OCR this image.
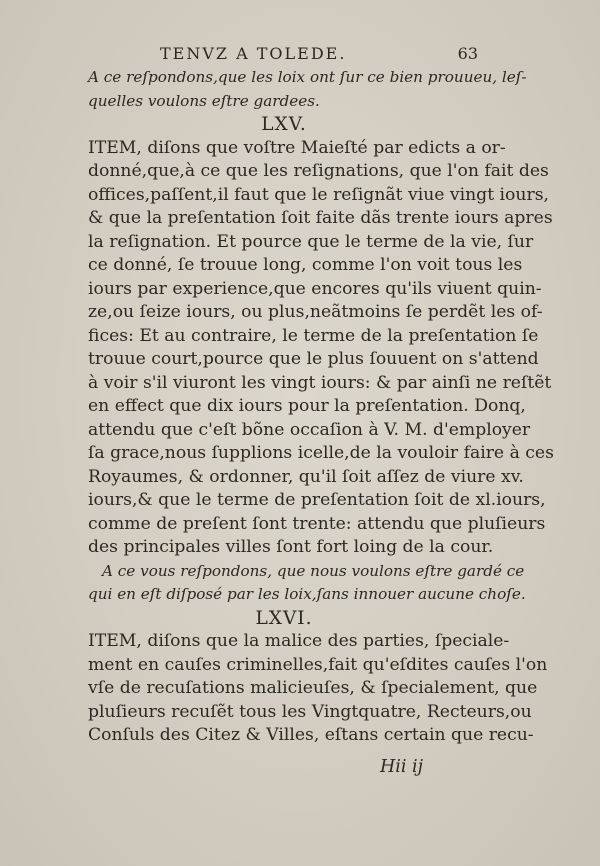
TENVZ A TOLEDE.	63
A ce reſpondons,que les loix ont ſur ce bien prouueu, leſ-
quelles voulons eſtre gardees.
LXV.
ITEM, diſons que voſtre Maieſté par edicts a or-
donné,que,à ce que les reſignations, que l'on fait des
offices,paſſent,il faut que le reſignãt viue vingt iours,
& que la preſentation ſoit faite dãs trente iours apres
la reſignation. Et pource que le terme de la vie, ſur
ce donné, ſe trouue long, comme l'on voit tous les
iours par experience,que encores qu'ils viuent quin-
ze,ou ſeize iours, ou plus,neãtmoins ſe perdẽt les of-
fices: Et au contraire, le terme de la preſentation ſe
trouue court,pource que le plus ſouuent on s'attend
à voir s'il viuront les vingt iours: & par ainſi ne reſtẽt
en effect que dix iours pour la preſentation. Donq,
attendu que c'eſt bõne occaſion à V. M. d'employer
ſa grace,nous ſupplions icelle,de la vouloir faire à ces
Royaumes, & ordonner, qu'il ſoit aſſez de viure xv.
iours,& que le terme de preſentation ſoit de xl.iours,
comme de preſent ſont trente: attendu que pluſieurs
des principales villes ſont fort loing de la cour.
A ce vous reſpondons, que nous voulons eſtre gardé ce
qui en eſt diſposé par les loix,ſans innouer aucune choſe.
LXVI.
ITEM, diſons que la malice des parties, ſpeciale-
ment en cauſes criminelles,fait qu'eſdites cauſes l'on
vſe de recuſations malicieuſes, & ſpecialement, que
pluſieurs recuſẽt tous les Vingtquatre, Recteurs,ou
Conſuls des Citez & Villes, eſtans certain que recu-
Hii ij
